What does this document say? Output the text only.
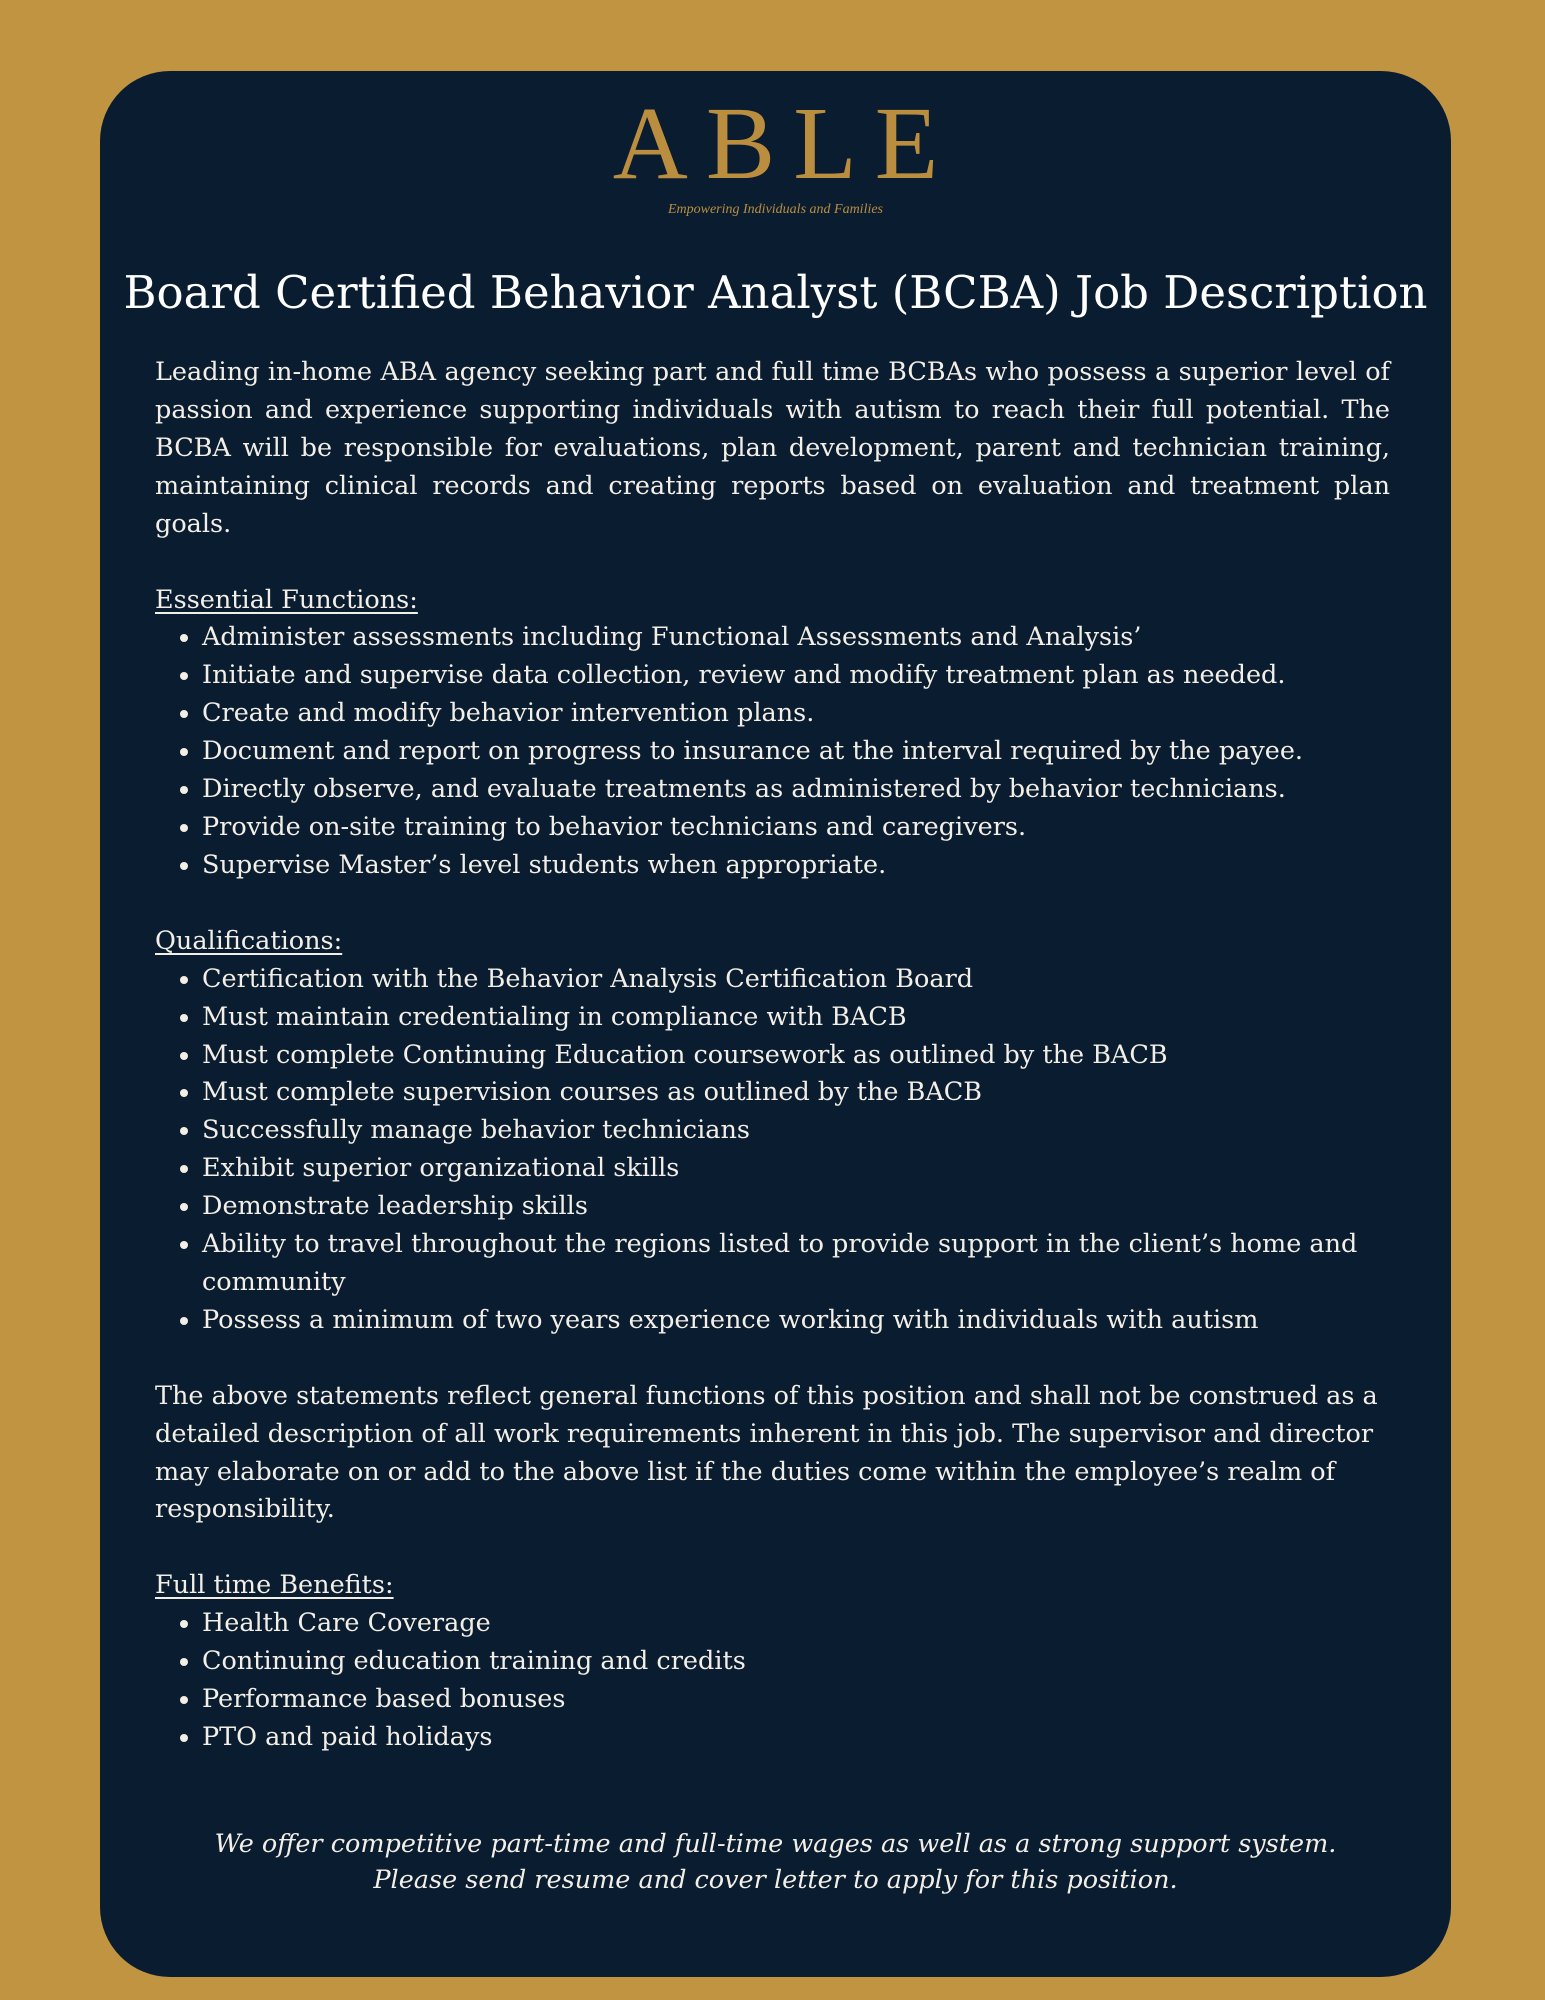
ABLE
Empowering Individuals and Families
Board Certified Behavior Analyst (BCBA) Job Description

Leading in-home ABA agency seeking part and full time BCBAs who possess a superior level of passion and experience supporting individuals with autism to reach their full potential. The BCBA will be responsible for evaluations, plan development, parent and technician training, maintaining clinical records and creating reports based on evaluation and treatment plan goals.

Essential Functions:

• Administer assessments including Functional Assessments and Analysis’
• Initiate and supervise data collection, review and modify treatment plan as needed.
• Create and modify behavior intervention plans.
• Document and report on progress to insurance at the interval required by the payee.
• Directly observe, and evaluate treatments as administered by behavior technicians.
• Provide on-site training to behavior technicians and caregivers.
• Supervise Master’s level students when appropriate.

Qualifications:

• Certification with the Behavior Analysis Certification Board
• Must maintain credentialing in compliance with BACB
• Must complete Continuing Education coursework as outlined by the BACB
• Must complete supervision courses as outlined by the BACB
• Successfully manage behavior technicians
• Exhibit superior organizational skills
• Demonstrate leadership skills
• Ability to travel throughout the regions listed to provide support in the client’s home and community
• Possess a minimum of two years experience working with individuals with autism

The above statements reflect general functions of this position and shall not be construed as a detailed description of all work requirements inherent in this job. The supervisor and director may elaborate on or add to the above list if the duties come within the employee’s realm of responsibility.

Full time Benefits:

• Health Care Coverage
• Continuing education training and credits
• Performance based bonuses
• PTO and paid holidays
We offer competitive part-time and full-time wages as well as a strong support system.
Please send resume and cover letter to apply for this position.
